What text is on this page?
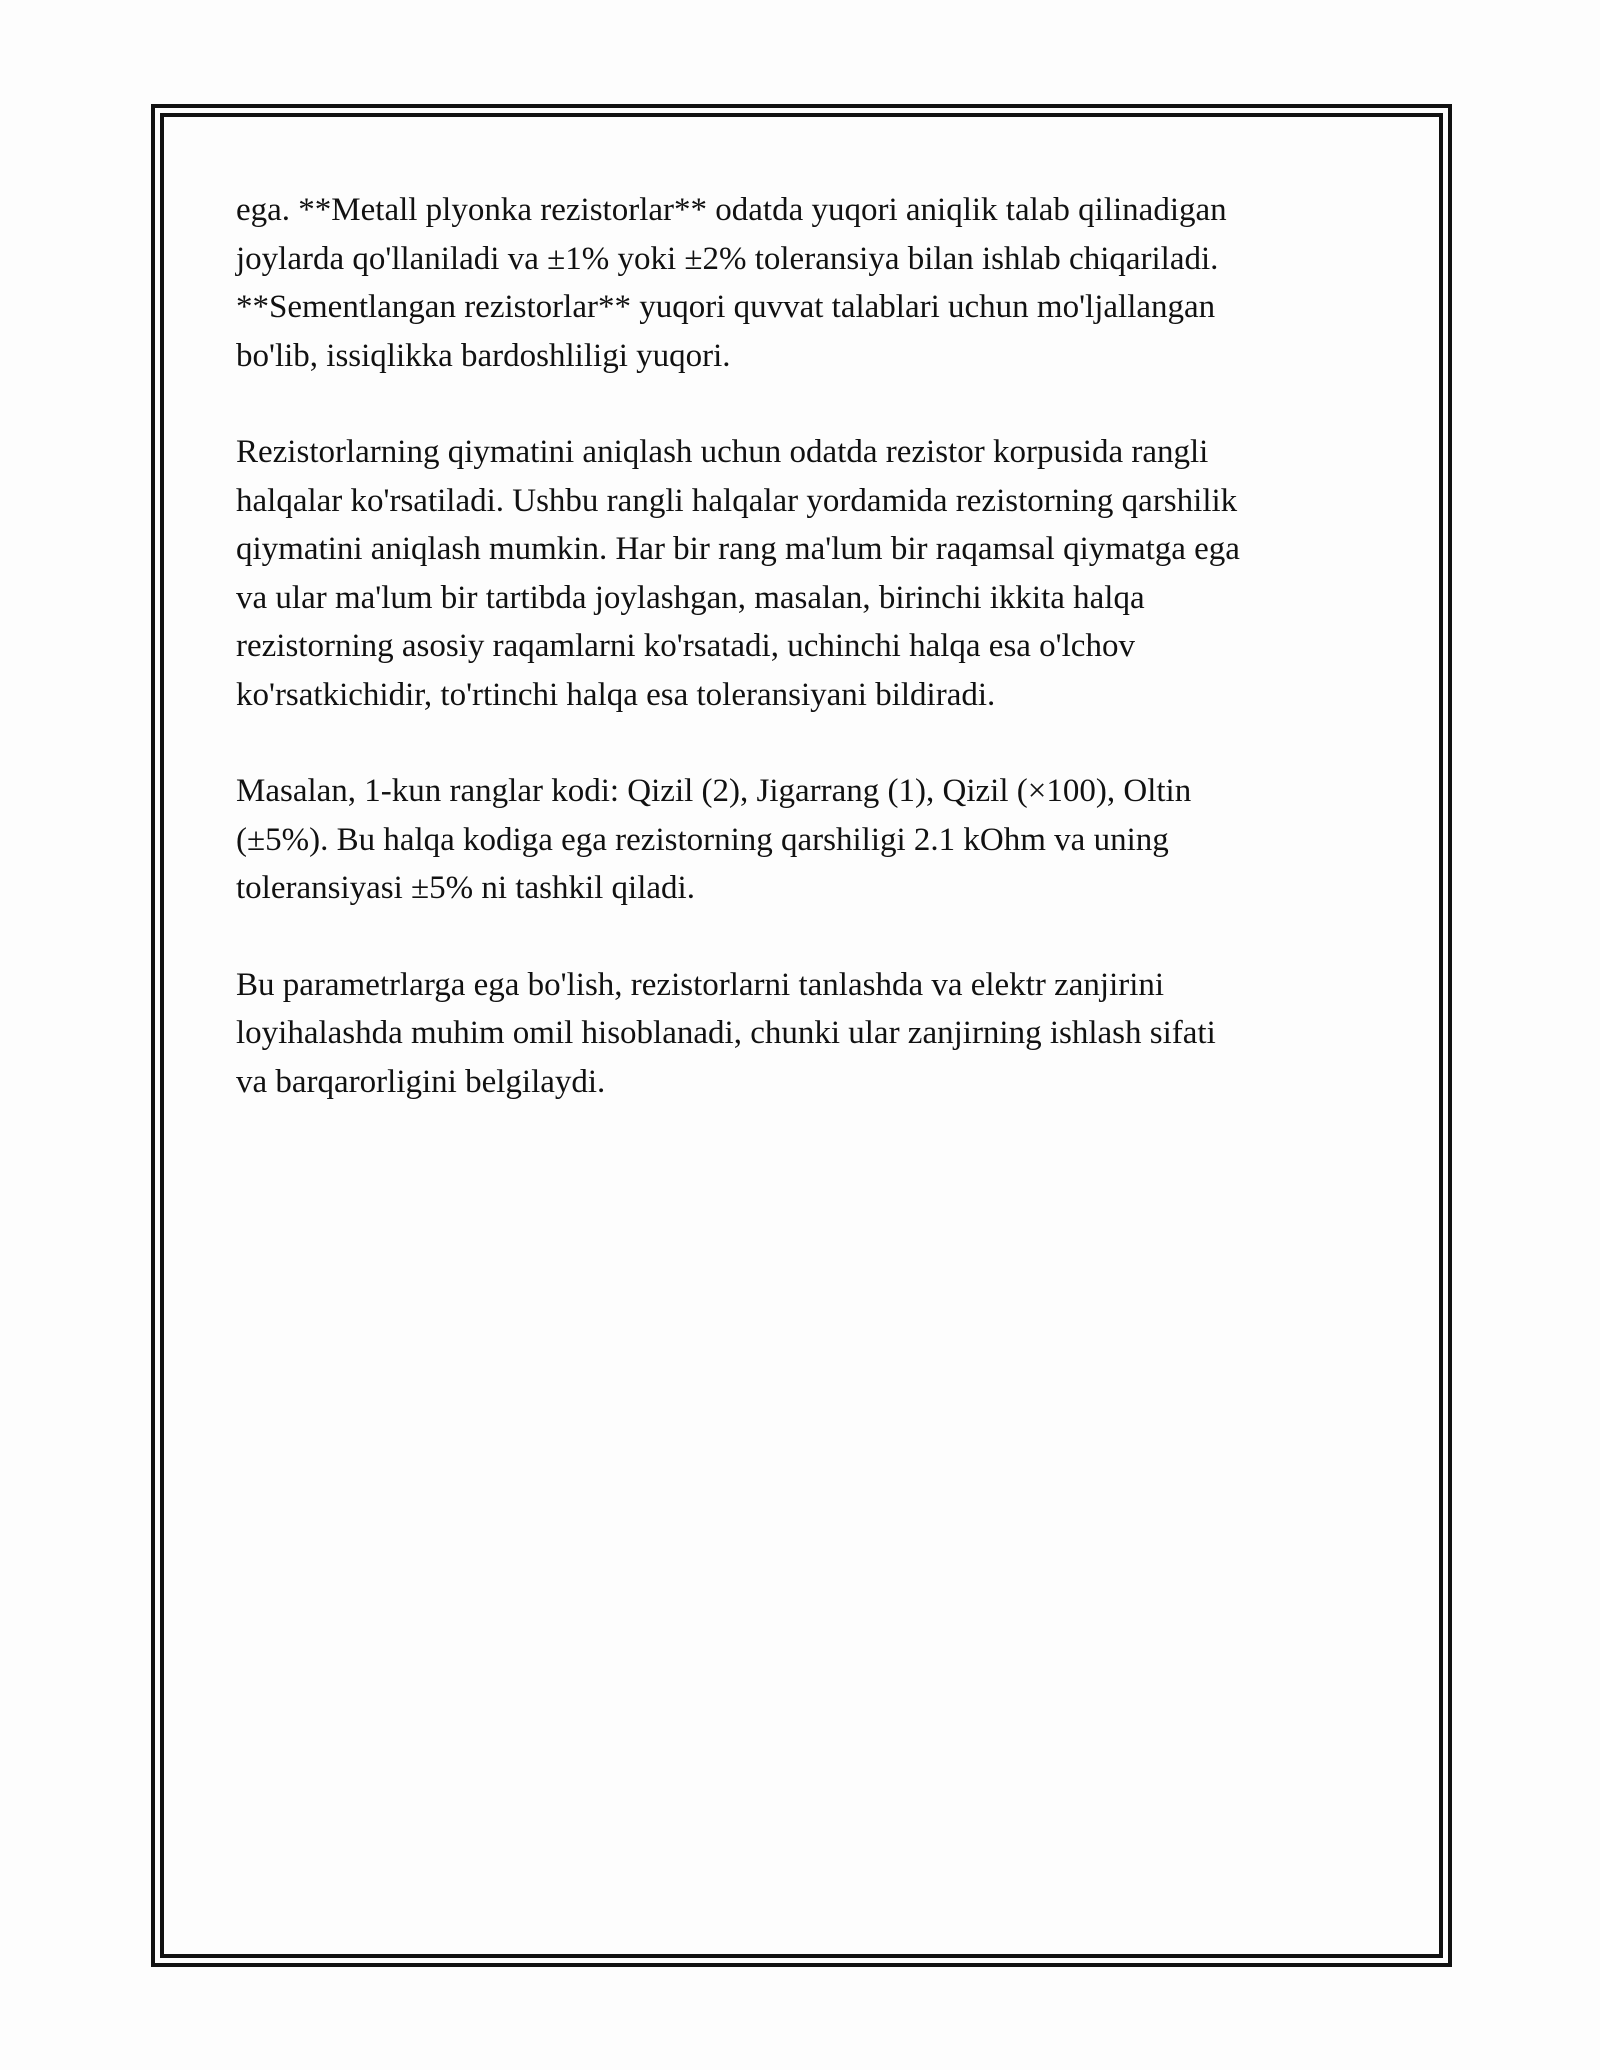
ega. **Metall plyonka rezistorlar** odatda yuqori aniqlik talab qilinadigan
joylarda qo'llaniladi va ±1% yoki ±2% toleransiya bilan ishlab chiqariladi.
**Sementlangan rezistorlar** yuqori quvvat talablari uchun mo'ljallangan
bo'lib, issiqlikka bardoshliligi yuqori.

Rezistorlarning qiymatini aniqlash uchun odatda rezistor korpusida rangli
halqalar ko'rsatiladi. Ushbu rangli halqalar yordamida rezistorning qarshilik
qiymatini aniqlash mumkin. Har bir rang ma'lum bir raqamsal qiymatga ega
va ular ma'lum bir tartibda joylashgan, masalan, birinchi ikkita halqa
rezistorning asosiy raqamlarni ko'rsatadi, uchinchi halqa esa o'lchov
ko'rsatkichidir, to'rtinchi halqa esa toleransiyani bildiradi.

Masalan, 1-kun ranglar kodi: Qizil (2), Jigarrang (1), Qizil (×100), Oltin
(±5%). Bu halqa kodiga ega rezistorning qarshiligi 2.1 kOhm va uning
toleransiyasi ±5% ni tashkil qiladi.

Bu parametrlarga ega bo'lish, rezistorlarni tanlashda va elektr zanjirini
loyihalashda muhim omil hisoblanadi, chunki ular zanjirning ishlash sifati
va barqarorligini belgilaydi.
